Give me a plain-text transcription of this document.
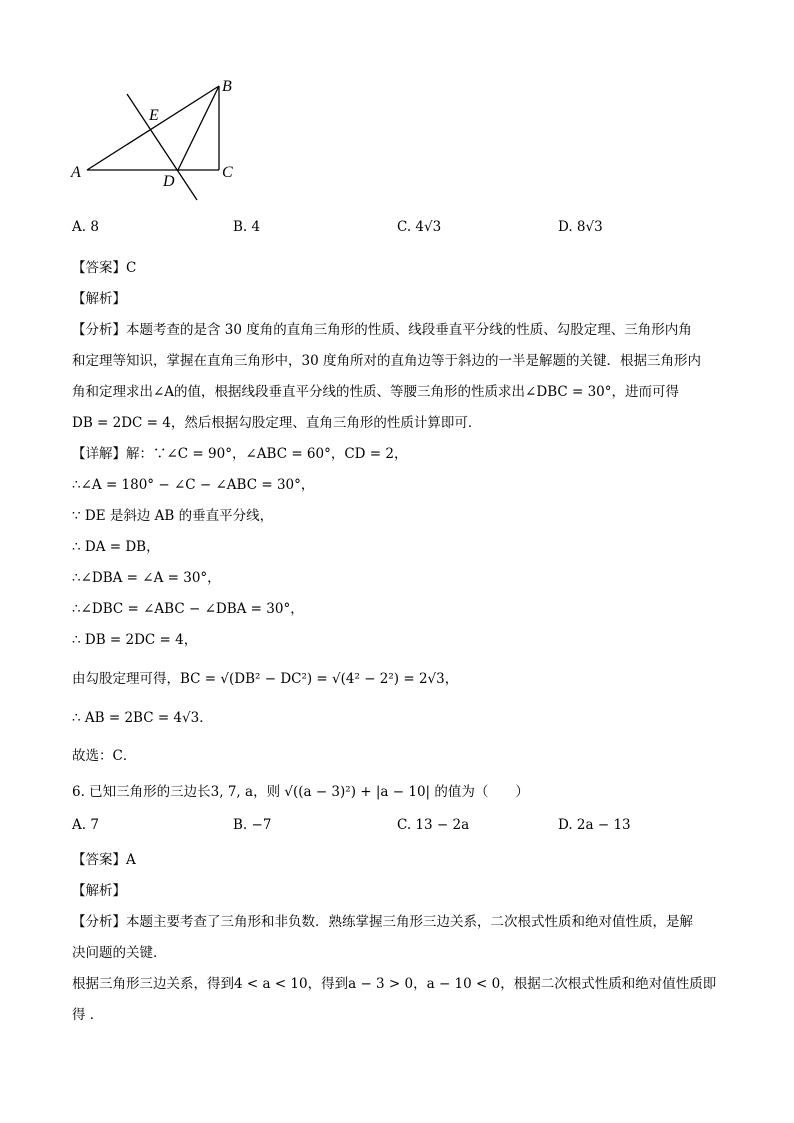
B
E
A
D
C
A. 8	B. 4	C. 4√3	D. 8√3
【答案】C
【解析】
【分析】本题考查的是含 30 度角的直角三角形的性质、线段垂直平分线的性质、勾股定理、三角形内角
和定理等知识，掌握在直角三角形中，30 度角所对的直角边等于斜边的一半是解题的关键．根据三角形内
角和定理求出∠A的值，根据线段垂直平分线的性质、等腰三角形的性质求出∠DBC = 30°，进而可得
DB = 2DC = 4，然后根据勾股定理、直角三角形的性质计算即可．
【详解】解：∵∠C = 90°，∠ABC = 60°，CD = 2，
∴∠A = 180° − ∠C − ∠ABC = 30°，
∵ DE 是斜边 AB 的垂直平分线，
∴ DA = DB，
∴∠DBA = ∠A = 30°，
∴∠DBC = ∠ABC − ∠DBA = 30°，
∴ DB = 2DC = 4，
由勾股定理可得，BC = √(DB² − DC²) = √(4² − 2²) = 2√3，
∴ AB = 2BC = 4√3．
故选：C．
6. 已知三角形的三边长3, 7, a，则 √((a − 3)²) + |a − 10| 的值为（　　）
A. 7	B. −7	C. 13 − 2a	D. 2a − 13
【答案】A
【解析】
【分析】本题主要考查了三角形和非负数．熟练掌握三角形三边关系，二次根式性质和绝对值性质，是解
决问题的关键．
根据三角形三边关系，得到4 < a < 10，得到a − 3 > 0，a − 10 < 0，根据二次根式性质和绝对值性质即
得 ．
